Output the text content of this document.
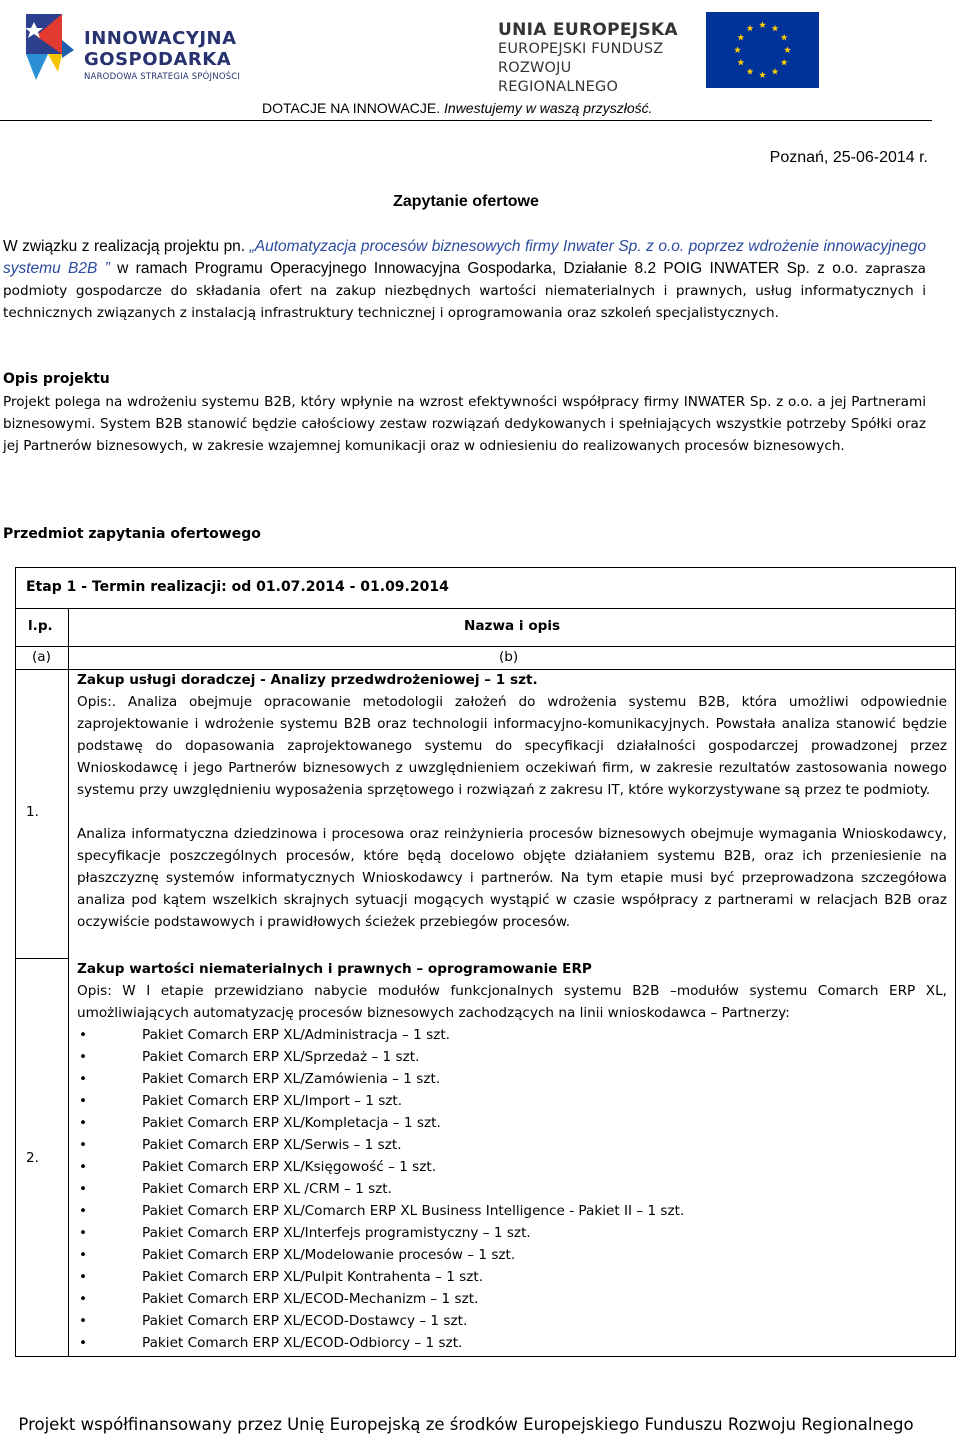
INNOWACYJNA
GOSPODARKA
NARODOWA STRATEGIA SPÓJNOŚCI
UNIA EUROPEJSKA
EUROPEJSKI FUNDUSZ
ROZWOJU REGIONALNEGO
DOTACJE NA INNOWACJE. Inwestujemy w waszą przyszłość.
Poznań, 25-06-2014 r.
Zapytanie ofertowe
W związku z realizacją projektu pn. „Automatyzacja procesów biznesowych firmy Inwater Sp. z o.o. poprzez wdrożenie innowacyjnego systemu B2B ” w ramach Programu Operacyjnego Innowacyjna Gospodarka, Działanie 8.2 POIG INWATER Sp. z o.o. zaprasza podmioty gospodarcze do składania ofert na zakup niezbędnych wartości niematerialnych i prawnych, usług informatycznych i technicznych związanych z instalacją infrastruktury technicznej i oprogramowania oraz szkoleń specjalistycznych.
Opis projektu
Projekt polega na wdrożeniu systemu B2B, który wpłynie na wzrost efektywności współpracy firmy INWATER Sp. z o.o. a jej Partnerami biznesowymi. System B2B stanowić będzie całościowy zestaw rozwiązań dedykowanych i spełniających wszystkie potrzeby Spółki oraz jej Partnerów biznesowych, w zakresie wzajemnej komunikacji oraz w odniesieniu do realizowanych procesów biznesowych.
Przedmiot zapytania ofertowego
Etap 1 - Termin realizacji: od 01.07.2014 - 01.09.2014
l.p.	Nazwa i opis
(a)	(b)
1.

Zakup usługi doradczej - Analizy przedwdrożeniowej – 1 szt.

Opis:. Analiza obejmuje opracowanie metodologii założeń do wdrożenia systemu B2B, która umożliwi odpowiednie zaprojektowanie i wdrożenie systemu B2B oraz technologii informacyjno-komunikacyjnych. Powstała analiza stanowić będzie podstawę do dopasowania zaprojektowanego systemu do specyfikacji działalności gospodarczej prowadzonej przez Wnioskodawcę i jego Partnerów biznesowych z uwzględnieniem oczekiwań firm, w zakresie rezultatów zastosowania nowego systemu przy uwzględnieniu wyposażenia sprzętowego i rozwiązań z zakresu IT, które wykorzystywane są przez te podmioty.

Analiza informatyczna dziedzinowa i procesowa oraz reinżynieria procesów biznesowych obejmuje wymagania Wnioskodawcy, specyfikacje poszczególnych procesów, które będą docelowo objęte działaniem systemu B2B, oraz ich przeniesienie na płaszczyznę systemów informatycznych Wnioskodawcy i partnerów. Na tym etapie musi być przeprowadzona szczegółowa analiza pod kątem wszelkich skrajnych sytuacji mogących wystąpić w czasie współpracy z partnerami w relacjach B2B oraz oczywiście podstawowych i prawidłowych ścieżek przebiegów procesów.

2.

Zakup wartości niematerialnych i prawnych – oprogramowanie ERP

Opis: W I etapie przewidziano nabycie modułów funkcjonalnych systemu B2B –modułów systemu Comarch ERP XL, umożliwiających automatyzację procesów biznesowych zachodzących na linii wnioskodawca – Partnerzy:

• Pakiet Comarch ERP XL/Administracja – 1 szt.
• Pakiet Comarch ERP XL/Sprzedaż – 1 szt.
• Pakiet Comarch ERP XL/Zamówienia – 1 szt.
• Pakiet Comarch ERP XL/Import – 1 szt.
• Pakiet Comarch ERP XL/Kompletacja – 1 szt.
• Pakiet Comarch ERP XL/Serwis – 1 szt.
• Pakiet Comarch ERP XL/Księgowość – 1 szt.
• Pakiet Comarch ERP XL /CRM – 1 szt.
• Pakiet Comarch ERP XL/Comarch ERP XL Business Intelligence - Pakiet II – 1 szt.
• Pakiet Comarch ERP XL/Interfejs programistyczny – 1 szt.
• Pakiet Comarch ERP XL/Modelowanie procesów – 1 szt.
• Pakiet Comarch ERP XL/Pulpit Kontrahenta – 1 szt.
• Pakiet Comarch ERP XL/ECOD-Mechanizm – 1 szt.
• Pakiet Comarch ERP XL/ECOD-Dostawcy – 1 szt.
• Pakiet Comarch ERP XL/ECOD-Odbiorcy – 1 szt.
Projekt współfinansowany przez Unię Europejską ze środków Europejskiego Funduszu Rozwoju Regionalnego
